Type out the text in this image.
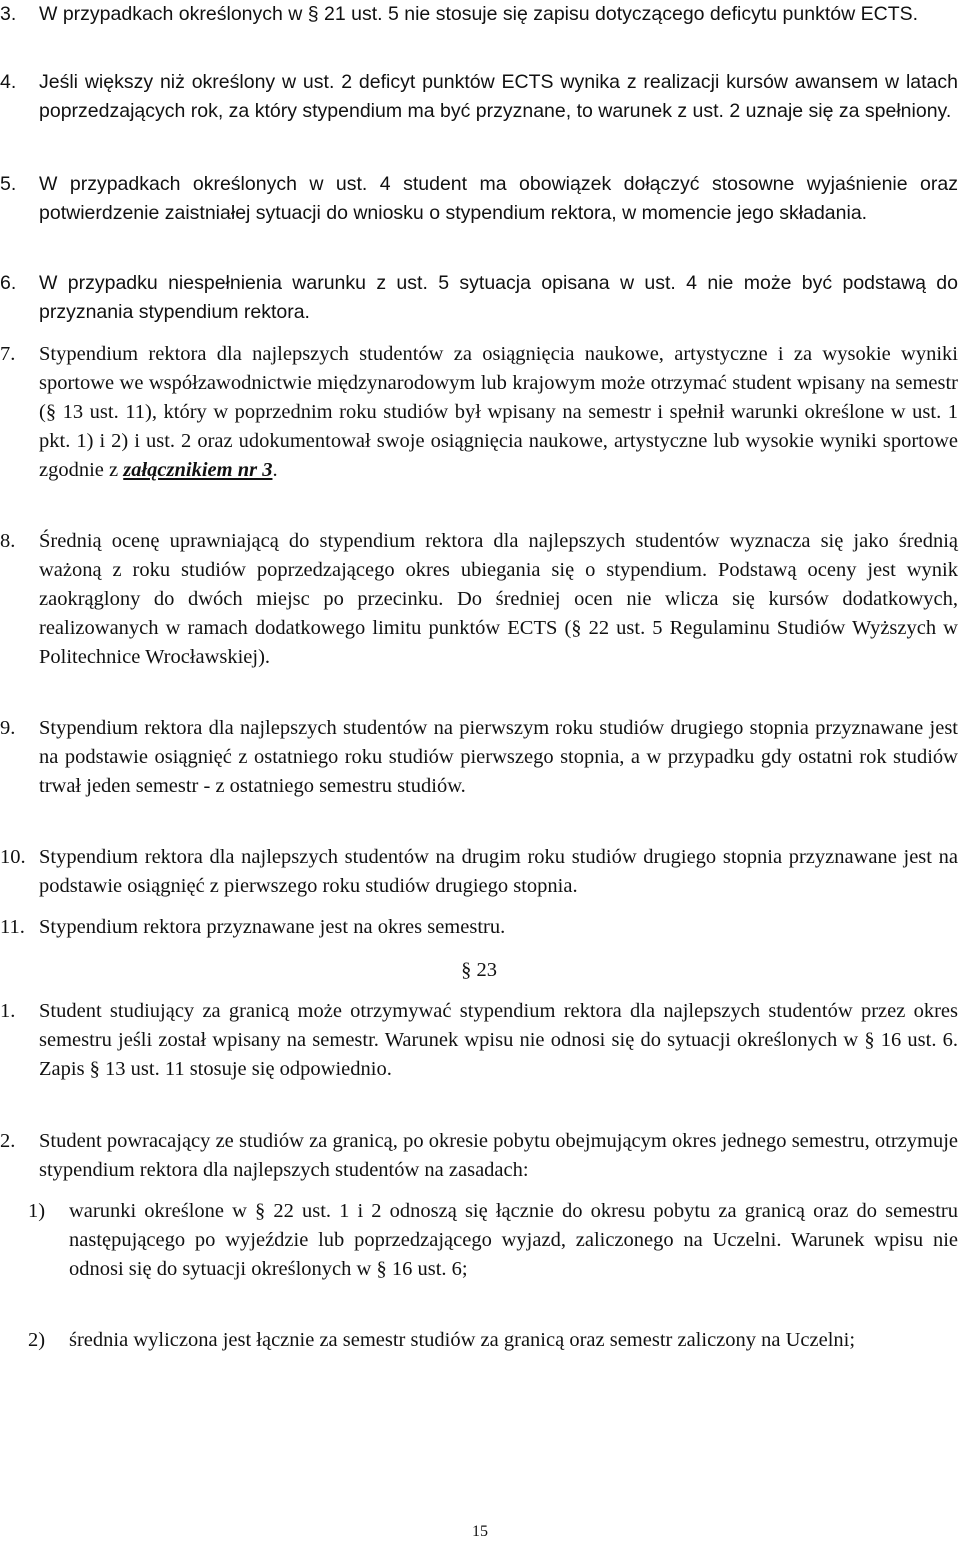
3. W przypadkach określonych w § 21 ust. 5 nie stosuje się zapisu dotyczącego deficytu punktów ECTS.
4. Jeśli większy niż określony w ust. 2 deficyt punktów ECTS wynika z realizacji kursów awansem w latach poprzedzających rok, za który stypendium ma być przyznane, to warunek z ust. 2 uznaje się za spełniony.
5. W przypadkach określonych w ust. 4 student ma obowiązek dołączyć stosowne wyjaśnienie oraz potwierdzenie zaistniałej sytuacji do wniosku o stypendium rektora, w momencie jego składania.
6. W przypadku niespełnienia warunku z ust. 5 sytuacja opisana w ust. 4 nie może być podstawą do przyznania stypendium rektora.
7. Stypendium rektora dla najlepszych studentów za osiągnięcia naukowe, artystyczne i za wysokie wyniki sportowe we współzawodnictwie międzynarodowym lub krajowym może otrzymać student wpisany na semestr (§ 13 ust. 11), który w poprzednim roku studiów był wpisany na semestr i spełnił warunki określone w ust. 1 pkt. 1) i 2) i ust. 2 oraz udokumentował swoje osiągnięcia naukowe, artystyczne lub wysokie wyniki sportowe zgodnie z załącznikiem nr 3.
8. Średnią ocenę uprawniającą do stypendium rektora dla najlepszych studentów wyznacza się jako średnią ważoną z roku studiów poprzedzającego okres ubiegania się o stypendium. Podstawą oceny jest wynik zaokrąglony do dwóch miejsc po przecinku. Do średniej ocen nie wlicza się kursów dodatkowych, realizowanych w ramach dodatkowego limitu punktów ECTS (§ 22 ust. 5 Regulaminu Studiów Wyższych w Politechnice Wrocławskiej).
9. Stypendium rektora dla najlepszych studentów na pierwszym roku studiów drugiego stopnia przyznawane jest na podstawie osiągnięć z ostatniego roku studiów pierwszego stopnia, a w przypadku gdy ostatni rok studiów trwał jeden semestr - z ostatniego semestru studiów.
10. Stypendium rektora dla najlepszych studentów na drugim roku studiów drugiego stopnia przyznawane jest na podstawie osiągnięć z pierwszego roku studiów drugiego stopnia.
11. Stypendium rektora przyznawane jest na okres semestru.
§ 23
1. Student studiujący za granicą może otrzymywać stypendium rektora dla najlepszych studentów przez okres semestru jeśli został wpisany na semestr. Warunek wpisu nie odnosi się do sytuacji określonych w § 16 ust. 6. Zapis § 13 ust. 11 stosuje się odpowiednio.
2. Student powracający ze studiów za granicą, po okresie pobytu obejmującym okres jednego semestru, otrzymuje stypendium rektora dla najlepszych studentów na zasadach:
1) warunki określone w § 22 ust. 1 i 2 odnoszą się łącznie do okresu pobytu za granicą oraz do semestru następującego po wyjeździe lub poprzedzającego wyjazd, zaliczonego na Uczelni. Warunek wpisu nie odnosi się do sytuacji określonych w § 16 ust. 6;
2) średnia wyliczona jest łącznie za semestr studiów za granicą oraz semestr zaliczony na Uczelni;
15
